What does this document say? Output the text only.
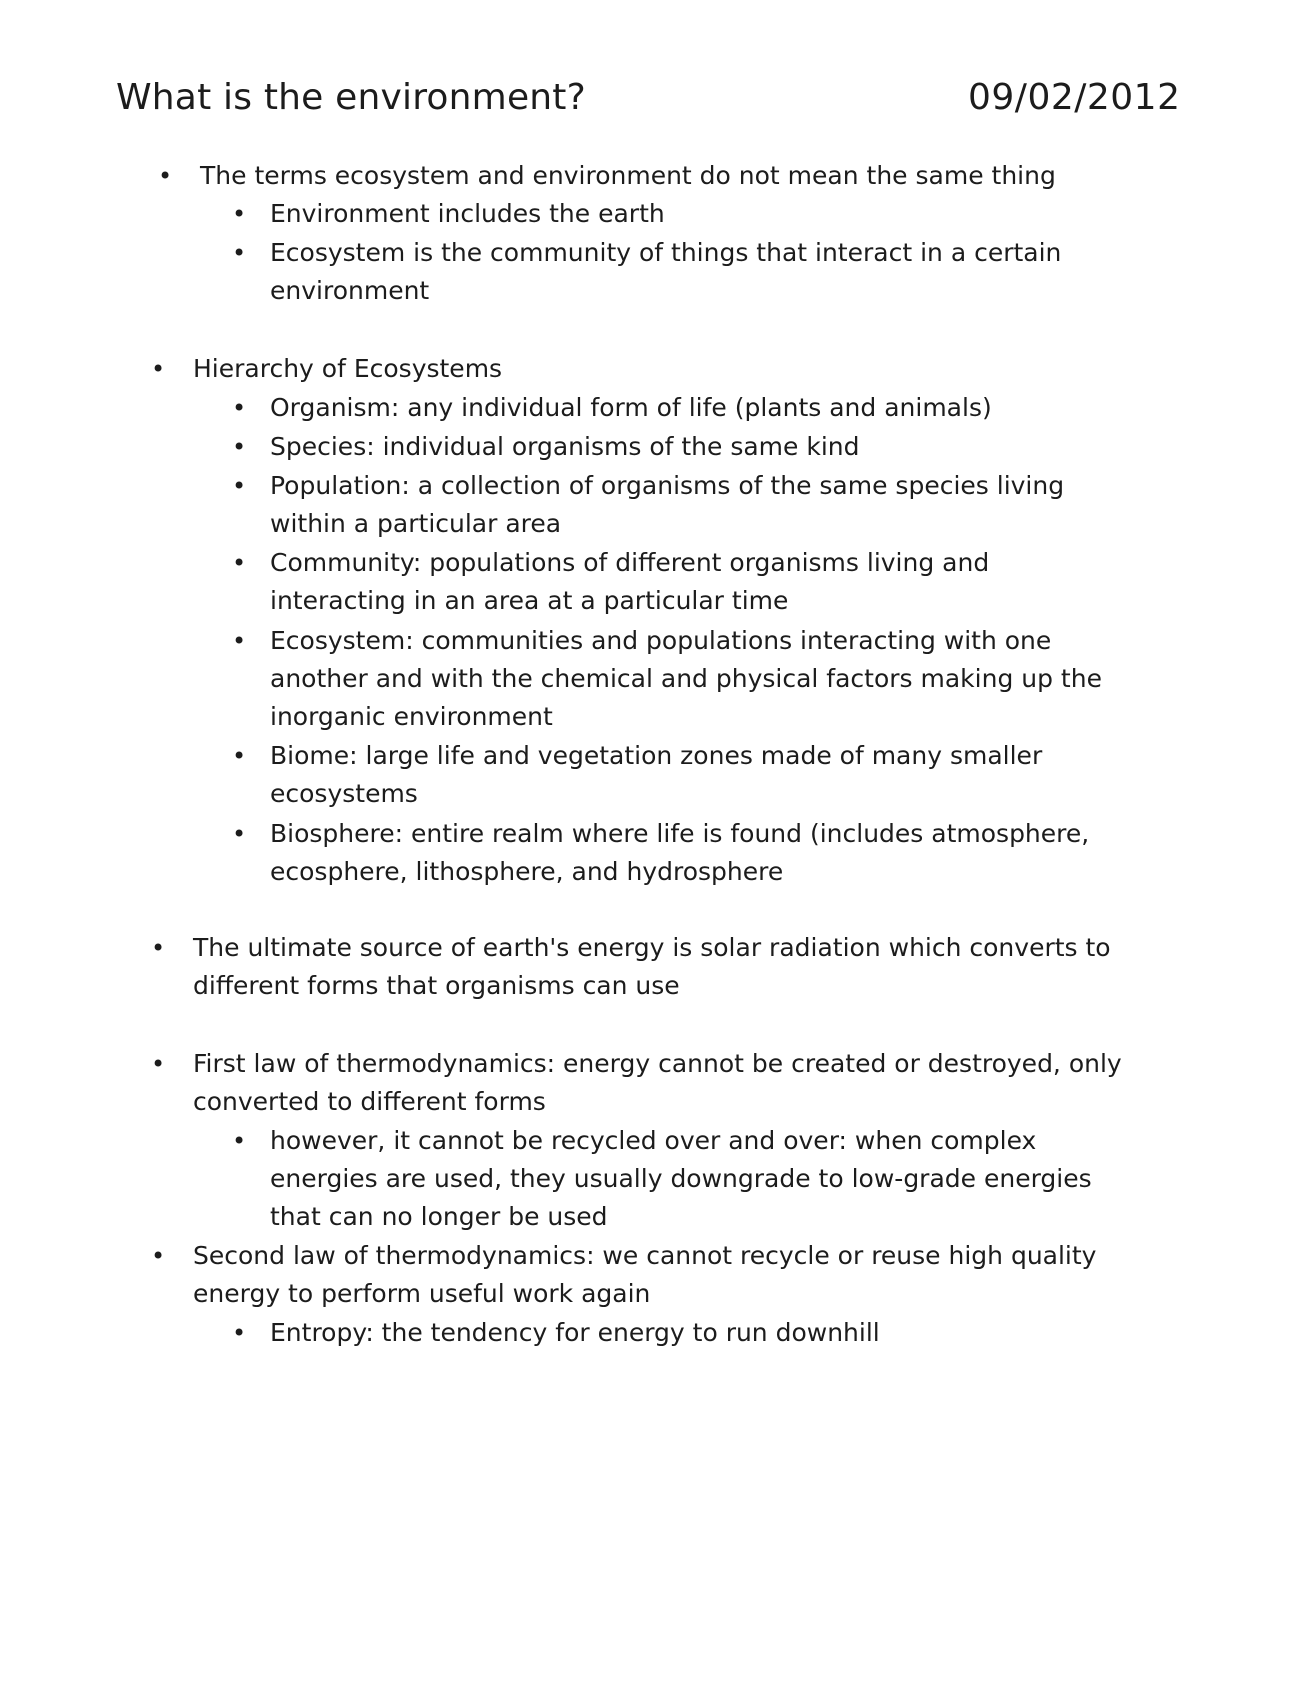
What is the environment?	09/02/2012
• The terms ecosystem and environment do not mean the same thing
• Environment includes the earth
• Ecosystem is the community of things that interact in a certain
environment
• Hierarchy of Ecosystems
• Organism: any individual form of life (plants and animals)
• Species: individual organisms of the same kind
• Population: a collection of organisms of the same species living
within a particular area
• Community: populations of different organisms living and
interacting in an area at a particular time
• Ecosystem: communities and populations interacting with one
another and with the chemical and physical factors making up the
inorganic environment
• Biome: large life and vegetation zones made of many smaller
ecosystems
• Biosphere: entire realm where life is found (includes atmosphere,
ecosphere, lithosphere, and hydrosphere
• The ultimate source of earth's energy is solar radiation which converts to
different forms that organisms can use
• First law of thermodynamics: energy cannot be created or destroyed, only
converted to different forms
• however, it cannot be recycled over and over: when complex
energies are used, they usually downgrade to low-grade energies
that can no longer be used
• Second law of thermodynamics: we cannot recycle or reuse high quality
energy to perform useful work again
• Entropy: the tendency for energy to run downhill
